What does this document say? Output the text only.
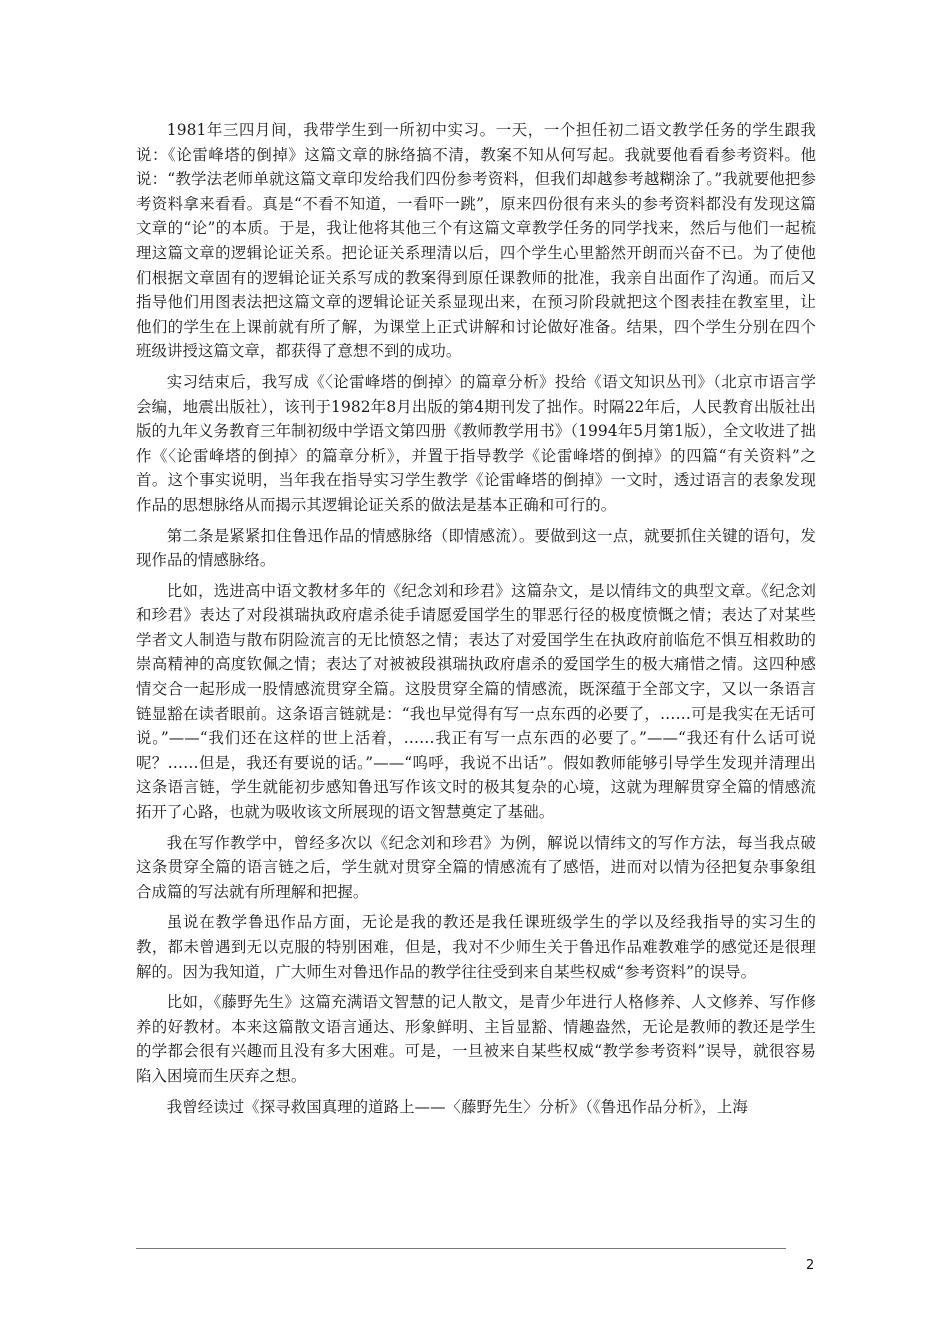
1981年三四月间，我带学生到一所初中实习。一天，一个担任初二语文教学任务的学生跟我说：《论雷峰塔的倒掉》这篇文章的脉络搞不清，教案不知从何写起。我就要他看看参考资料。他说：“教学法老师单就这篇文章印发给我们四份参考资料，但我们却越参考越糊涂了。”我就要他把参考资料拿来看看。真是“不看不知道，一看吓一跳”，原来四份很有来头的参考资料都没有发现这篇文章的“论”的本质。于是，我让他将其他三个有这篇文章教学任务的同学找来，然后与他们一起梳理这篇文章的逻辑论证关系。把论证关系理清以后，四个学生心里豁然开朗而兴奋不已。为了使他们根据文章固有的逻辑论证关系写成的教案得到原任课教师的批准，我亲自出面作了沟通。而后又指导他们用图表法把这篇文章的逻辑论证关系显现出来，在预习阶段就把这个图表挂在教室里，让他们的学生在上课前就有所了解，为课堂上正式讲解和讨论做好准备。结果，四个学生分别在四个班级讲授这篇文章，都获得了意想不到的成功。

实习结束后，我写成《〈论雷峰塔的倒掉〉的篇章分析》投给《语文知识丛刊》（北京市语言学会编，地震出版社），该刊于1982年8月出版的第4期刊发了拙作。时隔22年后，人民教育出版社出版的九年义务教育三年制初级中学语文第四册《教师教学用书》（1994年5月第1版），全文收进了拙作《〈论雷峰塔的倒掉〉的篇章分析》，并置于指导教学《论雷峰塔的倒掉》的四篇“有关资料”之首。这个事实说明，当年我在指导实习学生教学《论雷峰塔的倒掉》一文时，透过语言的表象发现作品的思想脉络从而揭示其逻辑论证关系的做法是基本正确和可行的。

第二条是紧紧扣住鲁迅作品的情感脉络（即情感流）。要做到这一点，就要抓住关键的语句，发现作品的情感脉络。

比如，选进高中语文教材多年的《纪念刘和珍君》这篇杂文，是以情纬文的典型文章。《纪念刘和珍君》表达了对段祺瑞执政府虐杀徒手请愿爱国学生的罪恶行径的极度愤慨之情；表达了对某些学者文人制造与散布阴险流言的无比愤怒之情；表达了对爱国学生在执政府前临危不惧互相救助的崇高精神的高度钦佩之情；表达了对被被段祺瑞执政府虐杀的爱国学生的极大痛惜之情。这四种感情交合一起形成一股情感流贯穿全篇。这股贯穿全篇的情感流，既深蕴于全部文字，又以一条语言链显豁在读者眼前。这条语言链就是：“我也早觉得有写一点东西的必要了，……可是我实在无话可说。”——“我们还在这样的世上活着，……我正有写一点东西的必要了。”——“我还有什么话可说呢？……但是，我还有要说的话。”——“呜呼，我说不出话”。假如教师能够引导学生发现并清理出这条语言链，学生就能初步感知鲁迅写作该文时的极其复杂的心境，这就为理解贯穿全篇的情感流拓开了心路，也就为吸收该文所展现的语文智慧奠定了基础。

我在写作教学中，曾经多次以《纪念刘和珍君》为例，解说以情纬文的写作方法，每当我点破这条贯穿全篇的语言链之后，学生就对贯穿全篇的情感流有了感悟，进而对以情为径把复杂事象组合成篇的写法就有所理解和把握。

虽说在教学鲁迅作品方面，无论是我的教还是我任课班级学生的学以及经我指导的实习生的教，都未曾遇到无以克服的特别困难，但是，我对不少师生关于鲁迅作品难教难学的感觉还是很理解的。因为我知道，广大师生对鲁迅作品的教学往往受到来自某些权威“参考资料”的误导。

比如，《藤野先生》这篇充满语文智慧的记人散文，是青少年进行人格修养、人文修养、写作修养的好教材。本来这篇散文语言通达、形象鲜明、主旨显豁、情趣盎然，无论是教师的教还是学生的学都会很有兴趣而且没有多大困难。可是，一旦被来自某些权威“教学参考资料”误导，就很容易陷入困境而生厌弃之想。

我曾经读过《探寻救国真理的道路上——〈藤野先生〉分析》（《鲁迅作品分析》，上海

2
